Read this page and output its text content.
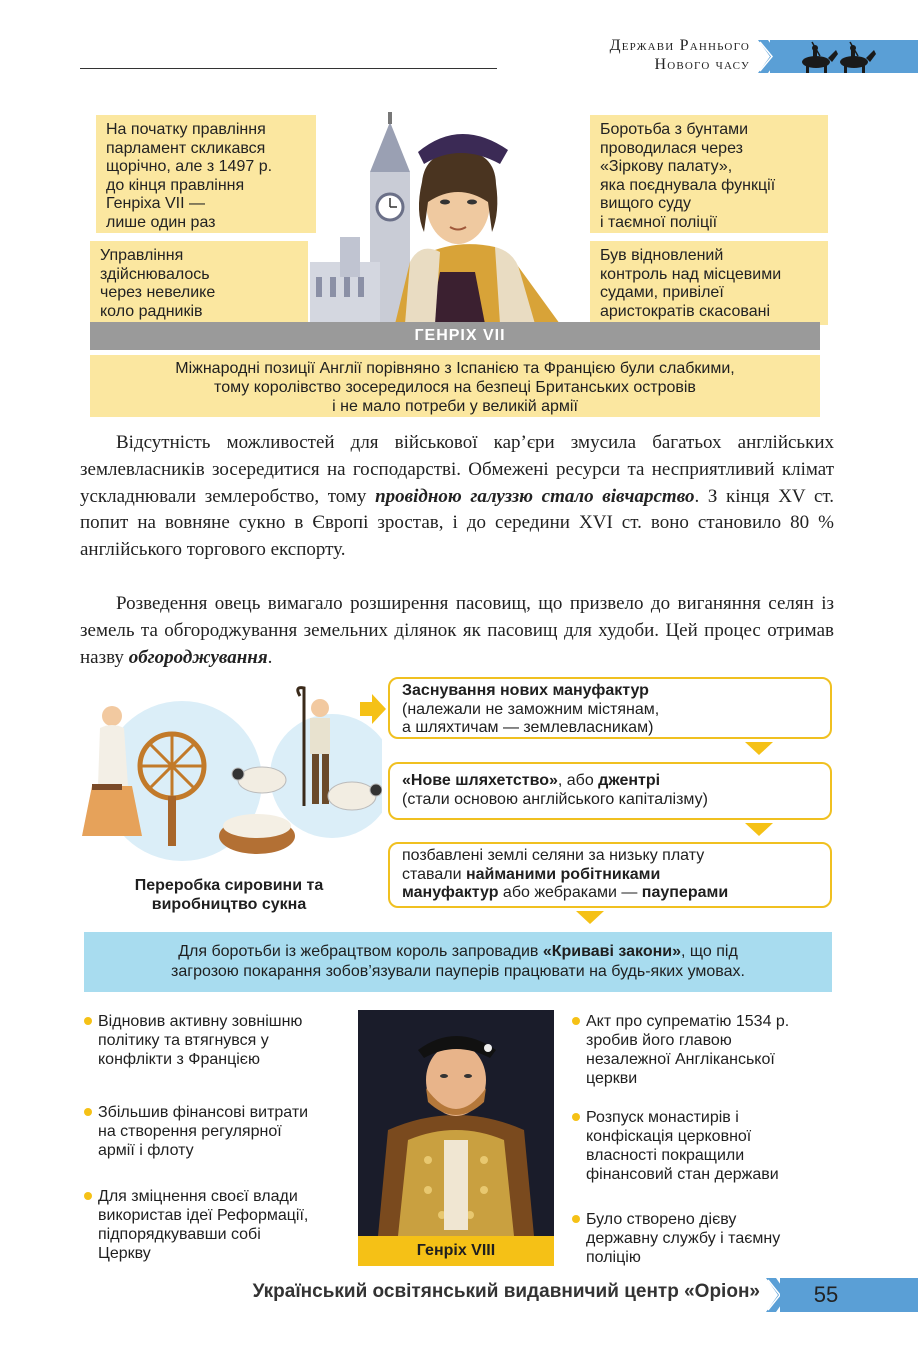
Держави Раннього
Нового часу
На початку правління
парламент скликався
щорічно, але з 1497 р.
до кінця правління
Генріха VII —
лише один раз
Управління
здійснювалось
через невелике
коло радників
Боротьба з бунтами
проводилася через
«Зіркову палату»,
яка поєднувала функції
вищого суду
і таємної поліції
Був відновлений
контроль над місцевими
судами, привілеї
аристократів скасовані
ГЕНРІХ VII
Міжнародні позиції Англії порівняно з Іспанією та Францією були слабкими,
тому королівство зосередилося на безпеці Британських островів
і не мало потреби у великій армії
Відсутність можливостей для військової кар’єри змусила багатьох англійських землевласників зосередитися на господарстві. Обмежені ресурси та несприятливий клімат ускладнювали землеробство, тому провідною галуззю стало вівчарство. З кінця XV ст. попит на вовняне сукно в Європі зростав, і до середини XVI ст. воно становило 80 % англійського торгового експорту.
Розведення овець вимагало розширення пасовищ, що призвело до виганяння селян із земель та обгороджування земельних ділянок як пасовищ для худоби. Цей процес отримав назву обгороджування.
Переробка сировини та
виробництво сукна
Заснування нових мануфактур
(належали не заможним містянам,
а шляхтичам — землевласникам)
«Нове шляхетство», або джентрі
(стали основою англійського капіталізму)
позбавлені землі селяни за низьку плату
ставали найманими робітниками
мануфактур або жебраками — пауперами
Для боротьби із жебрацтвом король запровадив «Криваві закони», що під
загрозою покарання зобов’язували пауперів працювати на будь-яких умовах.
Відновив активну зовнішню
політику та втягнувся у
конфлікти з Францією
Збільшив фінансові витрати
на створення регулярної
армії і флоту
Для зміцнення своєї влади
використав ідеї Реформації,
підпорядкувавши собі
Церкву	Генріх VIII
Акт про супрематію 1534 р.
зробив його главою
незалежної Англіканської
церкви
Розпуск монастирів і
конфіскація церковної
власності покращили
фінансовий стан держави
Було створено дієву
державну службу і таємну
поліцію
Український освітянський видавничий центр «Оріон»	55
